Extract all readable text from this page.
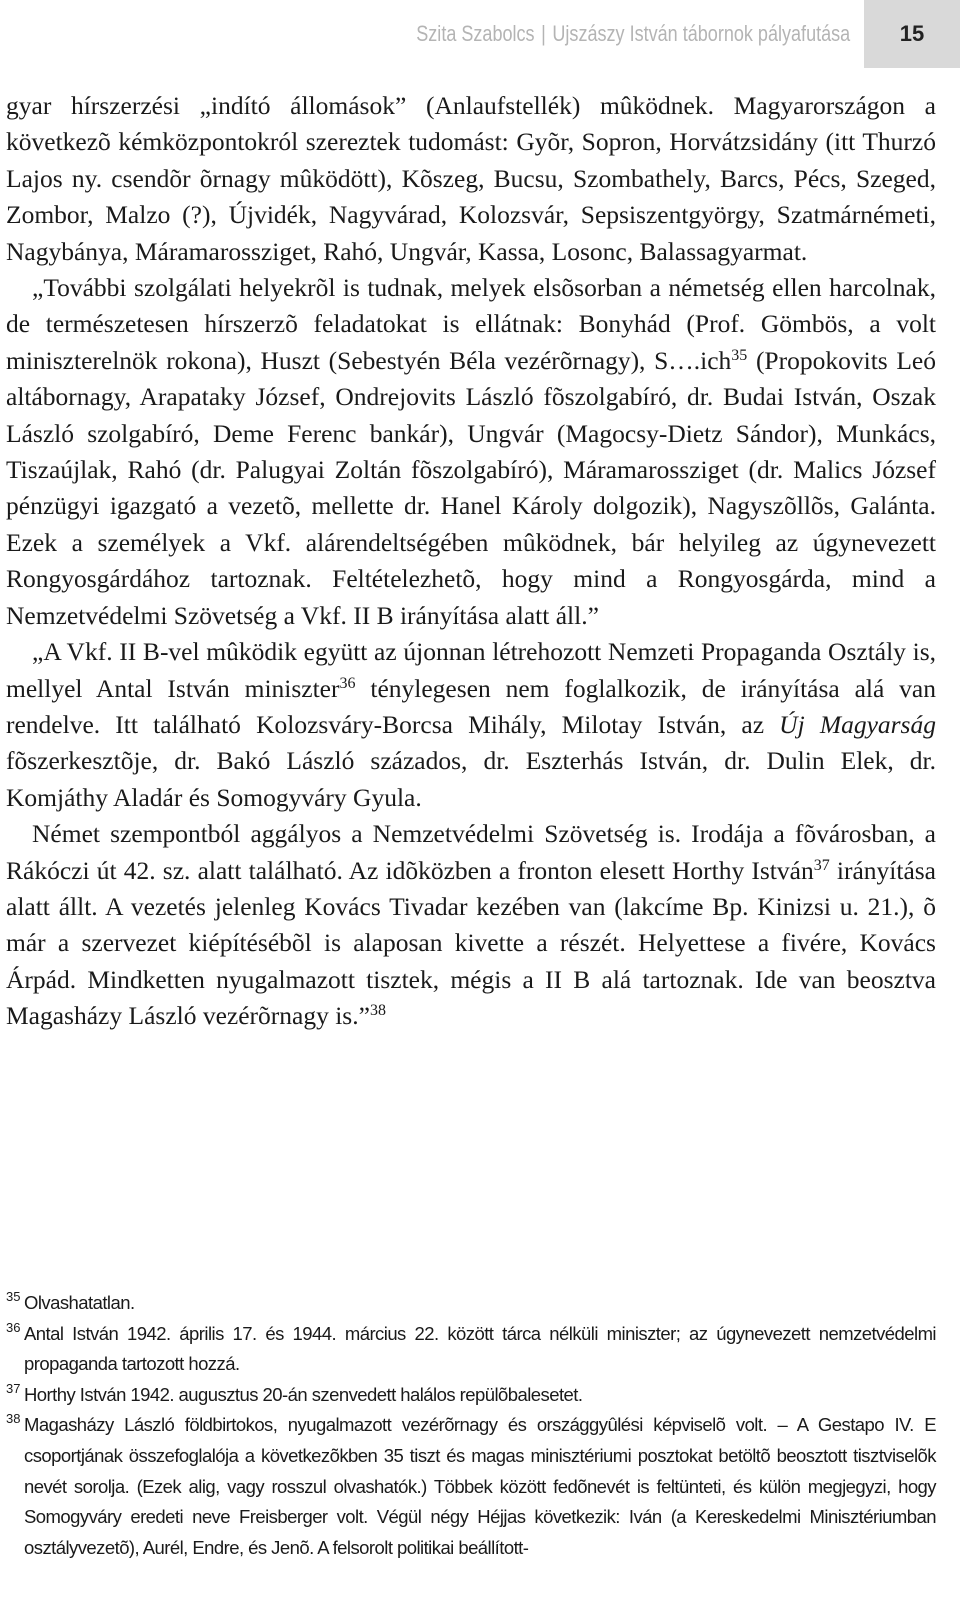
Szita Szabolcs | Ujszászy István tábornok pályafutása 15

gyar hírszerzési „indító állomások” (Anlaufstellék) mûködnek. Magyarországon a következõ kémközpontokról szereztek tudomást: Gyõr, Sopron, Horvátzsidány (itt Thurzó Lajos ny. csendõr õrnagy mûködött), Kõszeg, Bucsu, Szombathely, Barcs, Pécs, Szeged, Zombor, Malzo (?), Újvidék, Nagyvárad, Kolozsvár, Sepsiszentgyörgy, Szatmárnémeti, Nagybánya, Máramarossziget, Rahó, Ungvár, Kassa, Losonc, Balassagyarmat.

„További szolgálati helyekrõl is tudnak, melyek elsõsorban a németség ellen harcolnak, de természetesen hírszerzõ feladatokat is ellátnak: Bonyhád (Prof. Gömbös, a volt miniszterelnök rokona), Huszt (Sebestyén Béla vezérõrnagy), S….ich$^{35}$ (Propokovits Leó altábornagy, Arapataky József, Ondrejovits László fõszolgabíró, dr. Budai István, Oszak László szolgabíró, Deme Ferenc bankár), Ungvár (Magocsy-Dietz Sándor), Munkács, Tiszaújlak, Rahó (dr. Palugyai Zoltán fõszolgabíró), Máramarossziget (dr. Malics József pénzügyi igazgató a vezetõ, mellette dr. Hanel Károly dolgozik), Nagyszõllõs, Galánta. Ezek a személyek a Vkf. alárendeltségében mûködnek, bár helyileg az úgynevezett Rongyosgárdához tartoznak. Feltételezhetõ, hogy mind a Rongyosgárda, mind a Nemzetvédelmi Szövetség a Vkf. II B irányítása alatt áll.”

„A Vkf. II B-vel mûködik együtt az újonnan létrehozott Nemzeti Propaganda Osztály is, mellyel Antal István miniszter$^{36}$ ténylegesen nem foglalkozik, de irányítása alá van rendelve. Itt található Kolozsváry-Borcsa Mihály, Milotay István, az Új Magyarság fõszerkesztõje, dr. Bakó László százados, dr. Eszterhás István, dr. Dulin Elek, dr. Komjáthy Aladár és Somogyváry Gyula.

Német szempontból aggályos a Nemzetvédelmi Szövetség is. Irodája a fõvárosban, a Rákóczi út 42. sz. alatt található. Az idõközben a fronton elesett Horthy István$^{37}$ irányítása alatt állt. A vezetés jelenleg Kovács Tivadar kezében van (lakcíme Bp. Kinizsi u. 21.), õ már a szervezet kiépítésébõl is alaposan kivette a részét. Helyettese a fivére, Kovács Árpád. Mindketten nyugalmazott tisztek, mégis a II B alá tartoznak. Ide van beosztva Magasházy László vezérõrnagy is.”$^{38}$

35 Olvashatatlan.

36 Antal István 1942. április 17. és 1944. március 22. között tárca nélküli miniszter; az úgynevezett nemzetvédelmi propaganda tartozott hozzá.

37 Horthy István 1942. augusztus 20-án szenvedett halálos repülõbalesetet.

38 Magasházy László földbirtokos, nyugalmazott vezérõrnagy és országgyûlési képviselõ volt. – A Gestapo IV. E csoportjának összefoglalója a következõkben 35 tiszt és magas minisztériumi posztokat betöltõ beosztott tisztviselõk nevét sorolja. (Ezek alig, vagy rosszul olvashatók.) Többek között fedõnevét is feltünteti, és külön megjegyzi, hogy Somogyváry eredeti neve Freisberger volt. Végül négy Héjjas következik: Iván (a Kereskedelmi Minisztériumban osztályvezetõ), Aurél, Endre, és Jenõ. A felsorolt politikai beállított-
